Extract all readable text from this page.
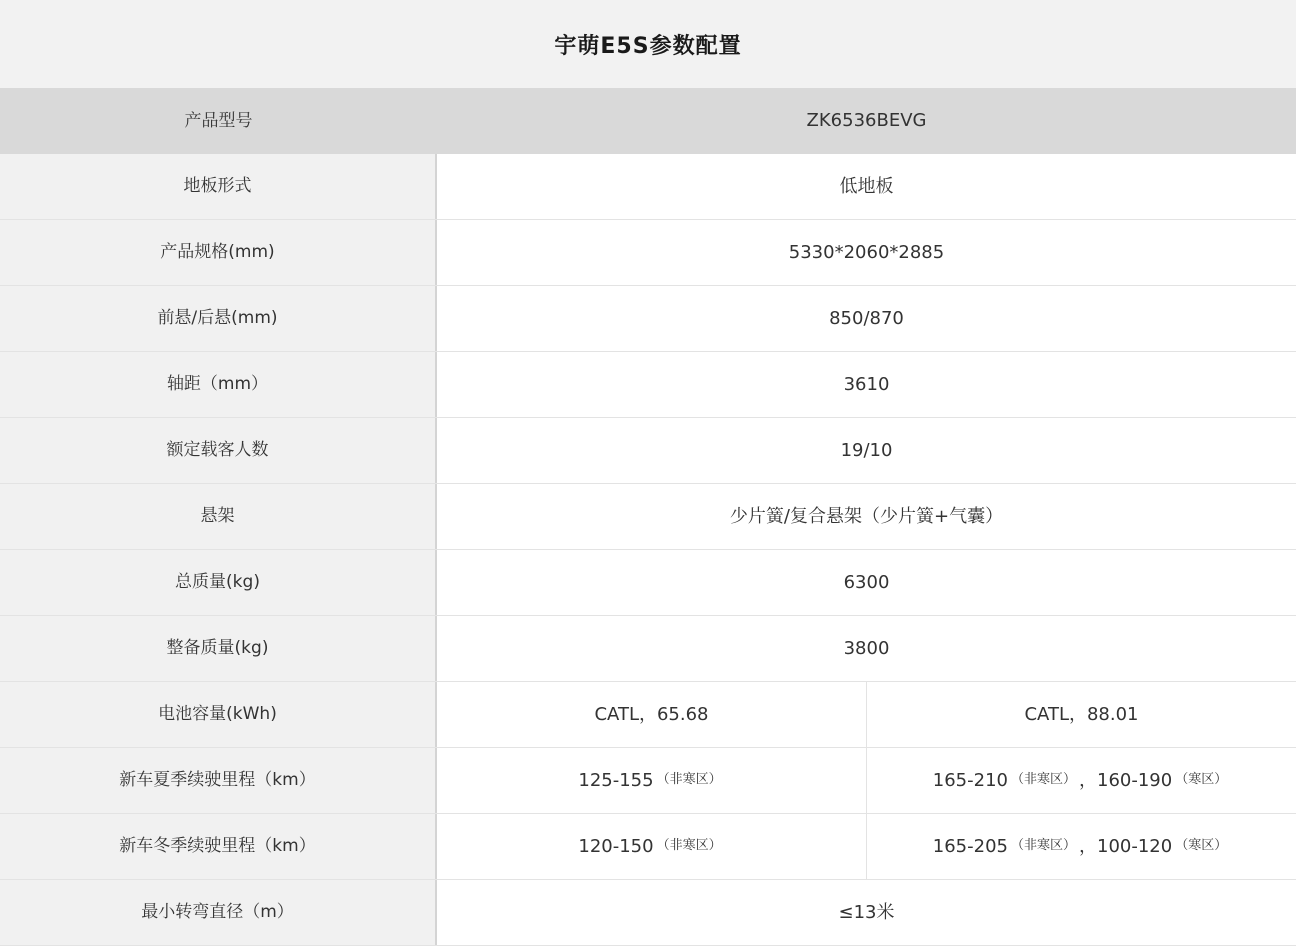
宇萌E5S参数配置
产品型号	ZK6536BEVG
地板形式	低地板
产品规格(mm)	5330*2060*2885
前悬/后悬(mm)	850/870
轴距（mm）	3610
额定载客人数	19/10
悬架	少片簧/复合悬架（少片簧+气囊）
总质量(kg)	6300
整备质量(kg)	3800
电池容量(kWh)	CATL，65.68	CATL，88.01
新车夏季续驶里程（km）	125-155 （非寒区）	165-210 （非寒区） ， 160-190 （寒区）
新车冬季续驶里程（km）	120-150 （非寒区）	165-205 （非寒区） ， 100-120 （寒区）
最小转弯直径（m）	≤13米
